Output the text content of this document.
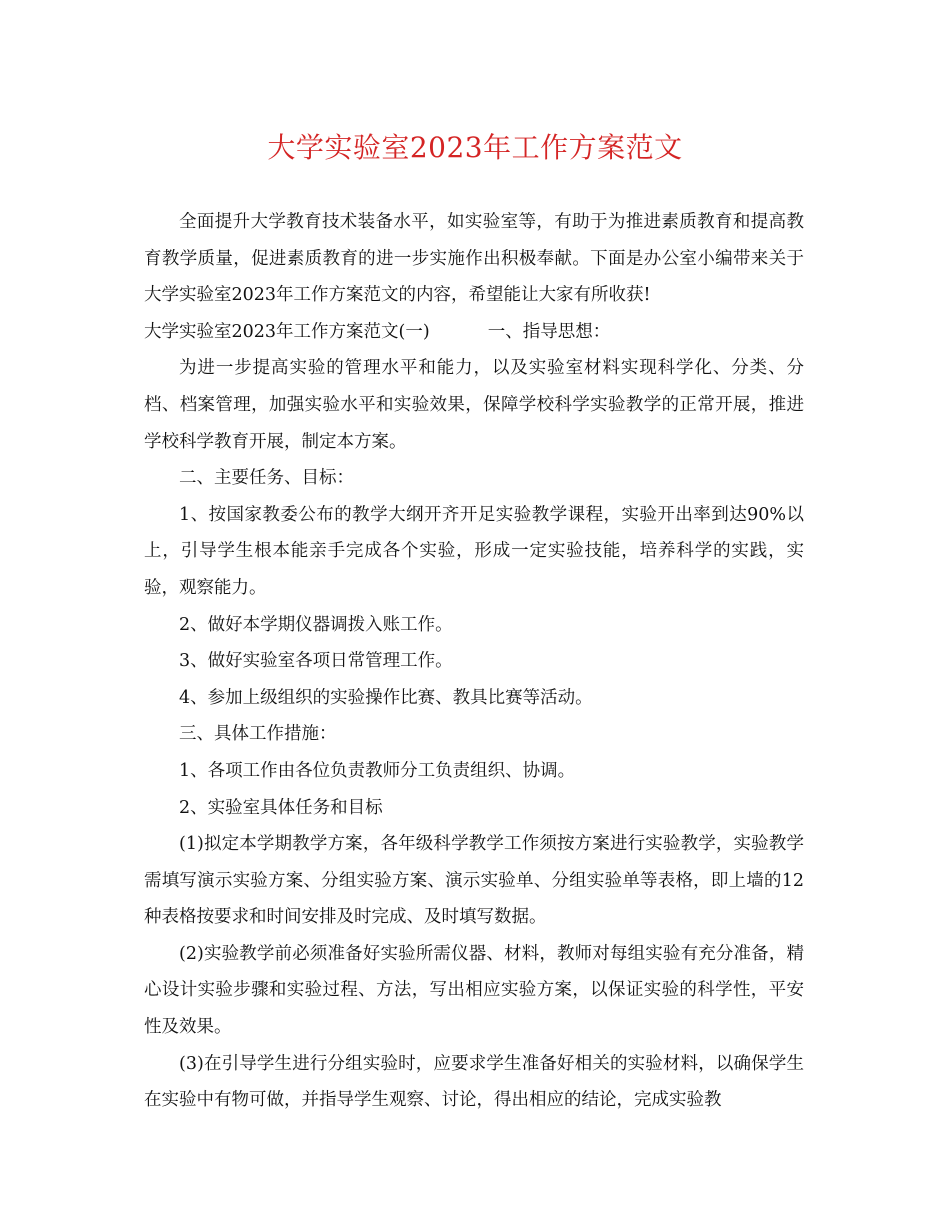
大学实验室2023年工作方案范文

全面提升大学教育技术装备水平，如实验室等，有助于为推进素质教育和提高教育教学质量，促进素质教育的进一步实施作出积极奉献。下面是办公室小编带来关于大学实验室2023年工作方案范文的内容，希望能让大家有所收获!

大学实验室2023年工作方案范文(一)	一、指导思想：

为进一步提高实验的管理水平和能力，以及实验室材料实现科学化、分类、分档、档案管理，加强实验水平和实验效果，保障学校科学实验教学的正常开展，推进学校科学教育开展，制定本方案。

二、主要任务、目标：

1、按国家教委公布的教学大纲开齐开足实验教学课程，实验开出率到达90%以上，引导学生根本能亲手完成各个实验，形成一定实验技能，培养科学的实践，实验，观察能力。

2、做好本学期仪器调拨入账工作。

3、做好实验室各项日常管理工作。

4、参加上级组织的实验操作比赛、教具比赛等活动。

三、具体工作措施：

1、各项工作由各位负责教师分工负责组织、协调。

2、实验室具体任务和目标

(1)拟定本学期教学方案，各年级科学教学工作须按方案进行实验教学，实验教学需填写演示实验方案、分组实验方案、演示实验单、分组实验单等表格，即上墙的12种表格按要求和时间安排及时完成、及时填写数据。

(2)实验教学前必须准备好实验所需仪器、材料，教师对每组实验有充分准备，精心设计实验步骤和实验过程、方法，写出相应实验方案，以保证实验的科学性，平安性及效果。

(3)在引导学生进行分组实验时，应要求学生准备好相关的实验材料，以确保学生在实验中有物可做，并指导学生观察、讨论，得出相应的结论，完成实验教
